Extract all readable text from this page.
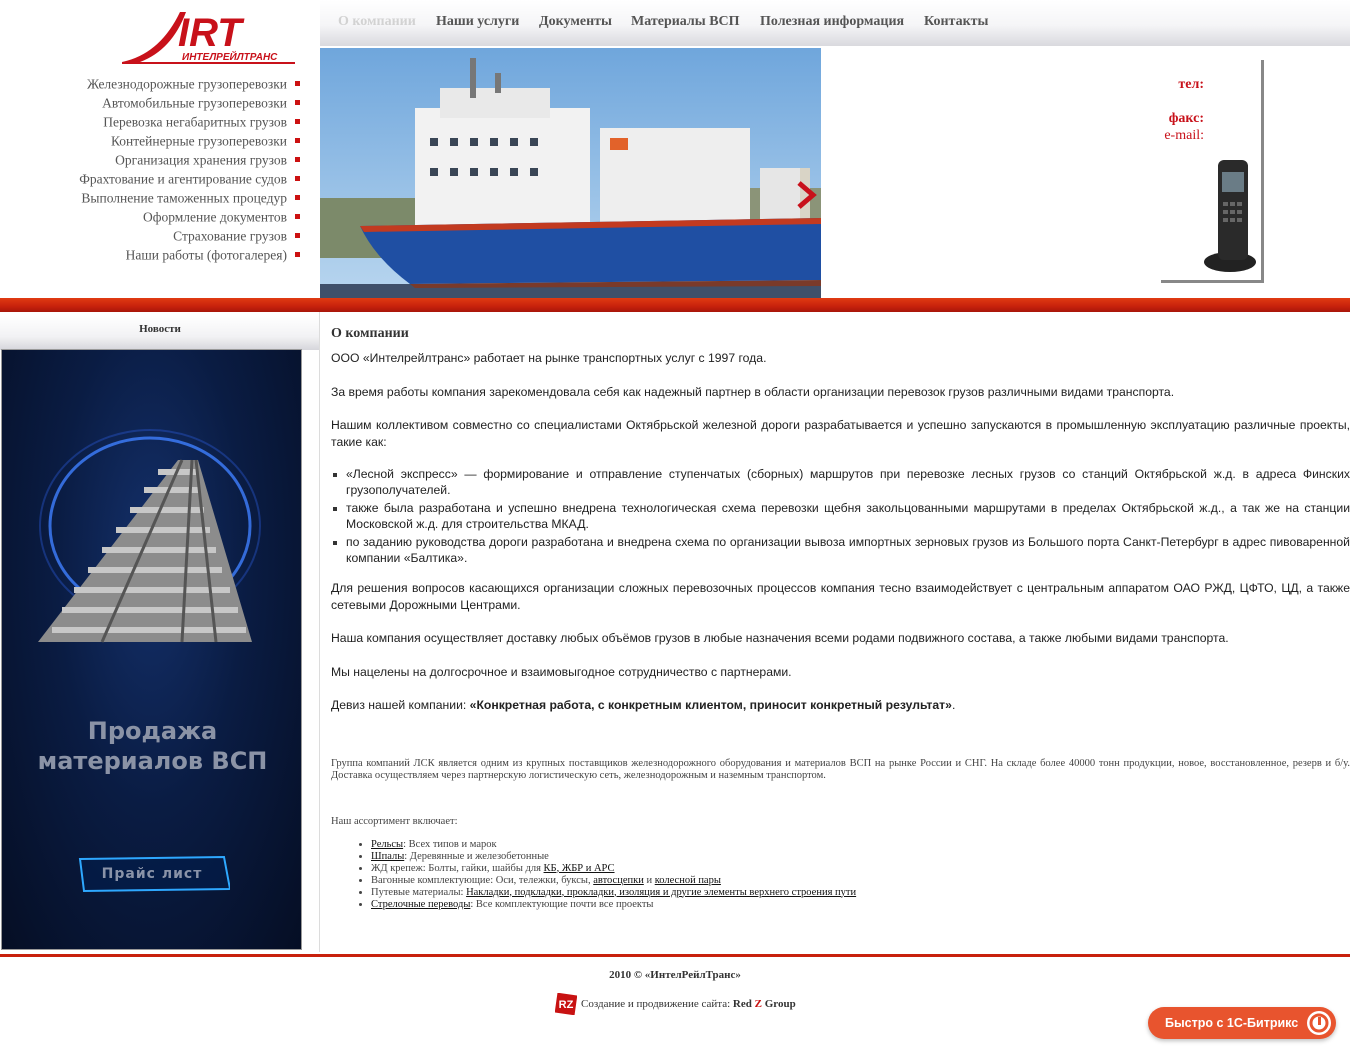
IRT
ИНТЕЛРЕЙЛТРАНС
Железнодорожные грузоперевозки
Автомобильные грузоперевозки
Перевозка негабаритных грузов
Контейнерные грузоперевозки
Организация хранения грузов
Фрахтование и агентирование судов
Выполнение таможенных процедур
Оформление документов
Страхование грузов
Наши работы (фотогалерея)
О компании Наши услуги Документы Материалы ВСП Полезная информация Контакты
тел:
факс:
e-mail:
Новости
Продажа
материалов ВСП
Прайс лист
О компании
ООО «Интелрейлтранс» работает на рынке транспортных услуг с 1997 года.
За время работы компания зарекомендовала себя как надежный партнер в области организации перевозок грузов различными видами транспорта.
Нашим коллективом совместно со специалистами Октябрьской железной дороги разрабатывается и успешно запускаются в промышленную эксплуатацию различные проекты, такие как:
«Лесной экспресс» — формирование и отправление ступенчатых (сборных) маршрутов при перевозке лесных грузов со станций Октябрьской ж.д. в адреса Финских грузополучателей.
также была разработана и успешно внедрена технологическая схема перевозки щебня закольцованными маршрутами в пределах Октябрьской ж.д., а так же на станции Московской ж.д. для строительства МКАД.
по заданию руководства дороги разработана и внедрена схема по организации вывоза импортных зерновых грузов из Большого порта Санкт-Петербург в адрес пивоваренной компании «Балтика».
Для решения вопросов касающихся организации сложных перевозочных процессов компания тесно взаимодействует с центральным аппаратом ОАО РЖД, ЦФТО, ЦД, а также сетевыми Дорожными Центрами.
Наша компания осуществляет доставку любых объёмов грузов в любые назначения всеми родами подвижного состава, а также любыми видами транспорта.
Мы нацелены на долгосрочное и взаимовыгодное сотрудничество с партнерами.
Девиз нашей компании: «Конкретная работа, с конкретным клиентом, приносит конкретный результат».
Группа компаний ЛСК является одним из крупных поставщиков железнодорожного оборудования и материалов ВСП на рынке России и СНГ. На складе более 40000 тонн продукции, новое, восстановленное, резерв и б/у. Доставка осуществляем через партнерскую логистическую сеть, железнодорожным и наземным транспортом.
Наш ассортимент включает:
• Рельсы: Всех типов и марок
• Шпалы: Деревянные и железобетонные
• ЖД крепеж: Болты, гайки, шайбы для КБ, ЖБР и АРС
• Вагонные комплектующие: Оси, тележки, буксы, автосцепки и колесной пары
• Путевые материалы: Накладки, подкладки, прокладки, изоляция и другие элементы верхнего строения пути
• Стрелочные переводы: Все комплектующие почти все проекты
2010 © «ИнтелРейлТранс»
RZ Создание и продвижение сайта: Red Z Group
Быстро с 1С-Битрикс
